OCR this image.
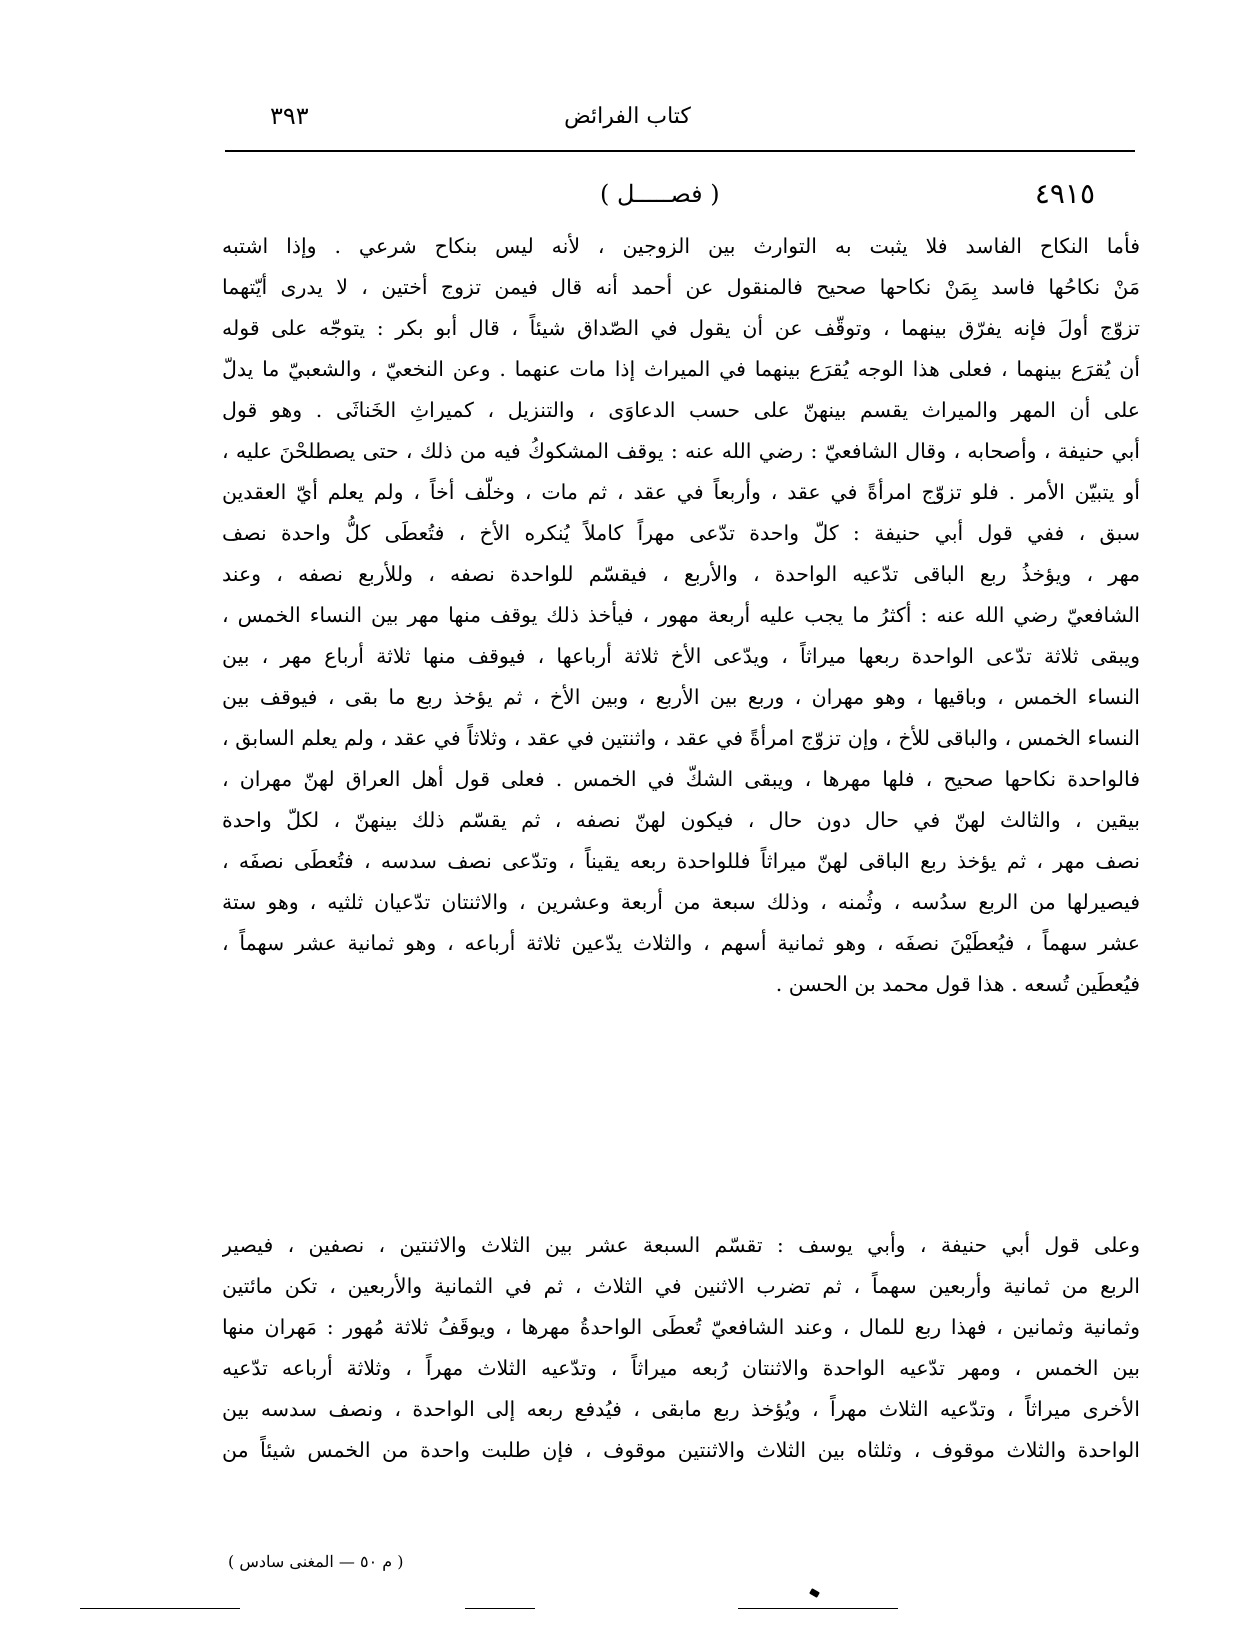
كتاب الفرائض
٣٩٣
٤٩١٥
( فصـــــل )
فأما النكاح الفاسد فلا يثبت به التوارث بين الزوجين ، لأنه ليس بنكاح شرعي . وإذا اشتبه
مَنْ نكاحُها فاسد بِمَنْ نكاحها صحيح فالمنقول عن أحمد أنه قال فيمن تزوج أختين ، لا يدرى أيّتهما
تزوّج أولَ فإنه يفرّق بينهما ، وتوقّف عن أن يقول في الصّداق شيئاً ، قال أبو بكر : يتوجّه على قوله
أن يُقرَع بينهما ، فعلى هذا الوجه يُقرَع بينهما في الميراث إذا مات عنهما . وعن النخعيّ ، والشعبيّ ما يدلّ
على أن المهر والميراث يقسم بينهنّ على حسب الدعاوَى ، والتنزيل ، كميراثِ الخَناثَى . وهو قول
أبي حنيفة ، وأصحابه ، وقال الشافعيّ : رضي الله عنه : يوقف المشكوكُ فيه من ذلك ، حتى يصطلحْنَ عليه ،
أو يتبيّن الأمر . فلو تزوّج امرأةً في عقد ، وأربعاً في عقد ، ثم مات ، وخلّف أخاً ، ولم يعلم أيّ العقدين
سبق ، ففي قول أبي حنيفة : كلّ واحدة تدّعى مهراً كاملاً يُنكره الأخ ، فتُعطَى كلُّ واحدة نصف
مهر ، ويؤخذُ ربع الباقى تدّعيه الواحدة ، والأربع ، فيقسّم للواحدة نصفه ، وللأربع نصفه ، وعند
الشافعيّ رضي الله عنه : أكثرُ ما يجب عليه أربعة مهور ، فيأخذ ذلك يوقف منها مهر بين النساء الخمس ،
ويبقى ثلاثة تدّعى الواحدة ربعها ميراثاً ، ويدّعى الأخ ثلاثة أرباعها ، فيوقف منها ثلاثة أرباع مهر ، بين
النساء الخمس ، وباقيها ، وهو مهران ، وربع بين الأربع ، وبين الأخ ، ثم يؤخذ ربع ما بقى ، فيوقف بين
النساء الخمس ، والباقى للأخ ، وإن تزوّج امرأةً في عقد ، واثنتين في عقد ، وثلاثاً في عقد ، ولم يعلم السابق ،
فالواحدة نكاحها صحيح ، فلها مهرها ، ويبقى الشكّ في الخمس . فعلى قول أهل العراق لهنّ مهران ،
بيقين ، والثالث لهنّ في حال دون حال ، فيكون لهنّ نصفه ، ثم يقسّم ذلك بينهنّ ، لكلّ واحدة
نصف مهر ، ثم يؤخذ ربع الباقى لهنّ ميراثاً فللواحدة ربعه يقيناً ، وتدّعى نصف سدسه ، فتُعطَى نصفَه ،
فيصيرلها من الربع سدُسه ، وثُمنه ، وذلك سبعة من أربعة وعشرين ، والاثنتان تدّعيان ثلثيه ، وهو ستة
عشر سهماً ، فيُعطَيْنَ نصفَه ، وهو ثمانية أسهم ، والثلاث يدّعين ثلاثة أرباعه ، وهو ثمانية عشر سهماً ،
فيُعطَين تُسعه . هذا قول محمد بن الحسن .
وعلى قول أبي حنيفة ، وأبي يوسف : تقسّم السبعة عشر بين الثلاث والاثنتين ، نصفين ، فيصير
الربع من ثمانية وأربعين سهماً ، ثم تضرب الاثنين في الثلاث ، ثم في الثمانية والأربعين ، تكن مائتين
وثمانية وثمانين ، فهذا ربع للمال ، وعند الشافعيّ تُعطَى الواحدةُ مهرها ، ويوقَفُ ثلاثة مُهور : مَهران منها
بين الخمس ، ومهر تدّعيه الواحدة والاثنتان رُبعه ميراثاً ، وتدّعيه الثلاث مهراً ، وثلاثة أرباعه تدّعيه
الأخرى ميراثاً ، وتدّعيه الثلاث مهراً ، ويُؤخذ ربع مابقى ، فيُدفع ربعه إلى الواحدة ، ونصف سدسه بين
الواحدة والثلاث موقوف ، وثلثاه بين الثلاث والاثنتين موقوف ، فإن طلبت واحدة من الخمس شيئاً من
( م ٥٠ — المغنى سادس )
